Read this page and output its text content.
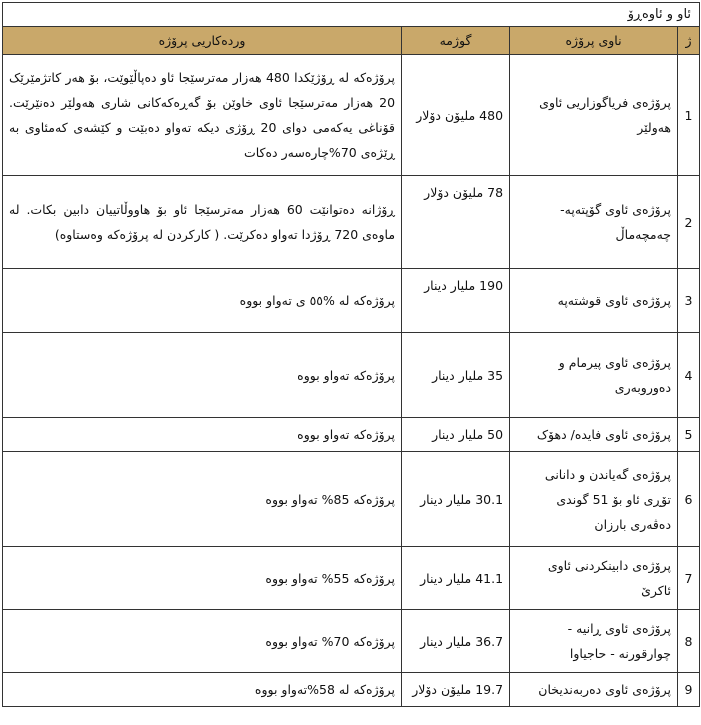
ئاو و ئاوەڕۆ			
ژ	ناوی پرۆژە	گوژمە	وردەکاریی پرۆژە
1	پرۆژەی فریاگوزاریی ئاوی هەولێر	480 ملیۆن دۆلار	پرۆژەکە لە ڕۆژێکدا 480 هەزار مەترسێجا ئاو دەپاڵێوێت، بۆ هەر کاتژمێرێک 20 هەزار مەترسێجا ئاوی خاوێن بۆ گەڕەکەکانی شاری هەولێر دەنێرێت. قۆناغی یەکەمی دوای 20 ڕۆژی دیکە تەواو دەبێت و کێشەی کەمئاوی بە ڕێژەی 70%چارەسەر دەکات
2	پرۆژەی ئاوی گۆپتەپە- چەمچەماڵ	78 ملیۆن دۆلار	ڕۆژانە دەتوانێت 60 هەزار مەترسێجا ئاو بۆ هاووڵاتییان دابین بکات. لە ماوەی 720 ڕۆژدا تەواو دەکرێت. ( کارکردن لە پرۆژەکە وەستاوە)
3	پرۆژەی ئاوی قوشتەپە	190 ملیار دینار	پرۆژەکە لە %٥٥ ی تەواو بووە
4	پرۆژەی ئاوی پیرمام و دەوروبەری	35 ملیار دینار	پرۆژەکە تەواو بووە
5	پرۆژەی ئاوی فایدە/ دهۆک	50 ملیار دینار	پرۆژەکە تەواو بووە
6	پرۆژەی گەیاندن و دانانی تۆڕی ئاو بۆ 51 گوندی دەڤەری بارزان	30.1 ملیار دینار	پرۆژەکە 85% تەواو بووە
7	پرۆژەی دابینکردنی ئاوی ئاکرێ	41.1 ملیار دینار	پرۆژەکە 55% تەواو بووە
8	پرۆژەی ئاوی ڕانیە - چوارقورنە - حاجیاوا	36.7 ملیار دینار	پرۆژەکە 70% تەواو بووە
9	پرۆژەی ئاوی دەربەندیخان	19.7 ملیۆن دۆلار	پرۆژەکە لە 58%تەواو بووە
